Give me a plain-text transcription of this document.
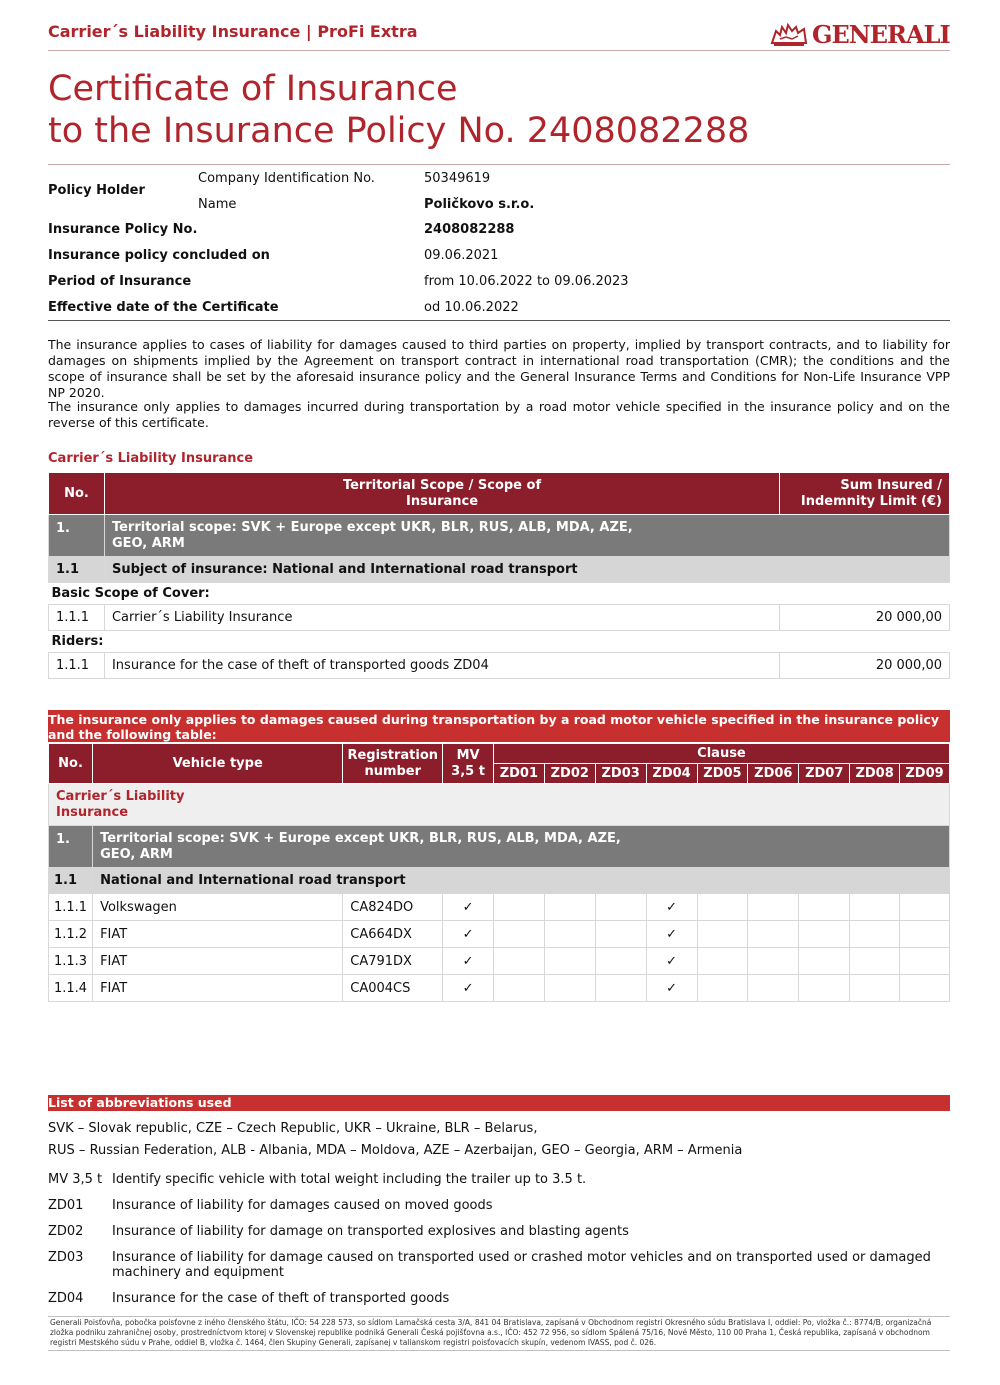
Carrier´s Liability Insurance | ProFi Extra	GENERALI
Certificate of Insurance
to the Insurance Policy No. 2408082288
Policy Holder
Company Identification No.	50349619
Name	Poličkovo s.r.o.
Insurance Policy No.	2408082288
Insurance policy concluded on	09.06.2021
Period of Insurance	from 10.06.2022 to 09.06.2023
Effective date of the Certificate	od 10.06.2022
The insurance applies to cases of liability for damages caused to third parties on property, implied by transport contracts, and to liability for damages on shipments implied by the Agreement on transport contract in international road transportation (CMR); the conditions and the scope of insurance shall be set by the aforesaid insurance policy and the General Insurance Terms and Conditions for Non-Life Insurance VPP NP 2020.
The insurance only applies to damages incurred during transportation by a road motor vehicle specified in the insurance policy and on the reverse of this certificate.
Carrier´s Liability Insurance
No.	Territorial Scope / Scope of Insurance	Sum Insured / Indemnity Limit (€)
1.	Territorial scope: SVK + Europe except UKR, BLR, RUS, ALB, MDA, AZE, GEO, ARM	

1.1	Subject of insurance: National and International road transport	
Basic Scope of Cover:		
1.1.1	Carrier´s Liability Insurance	20 000,00
Riders:		
1.1.1	Insurance for the case of theft of transported goods ZD04	20 000,00
The insurance only applies to damages caused during transportation by a road motor vehicle specified in the insurance policy and the following table:
No.	Vehicle type	Registration number	MV 3,5 t	Clause								
				ZD01	ZD02	ZD03	ZD04	ZD05	ZD06	ZD07	ZD08	ZD09

Carrier´s Liability Insurance												

1.	Territorial scope: SVK + Europe except UKR, BLR, RUS, ALB, MDA, AZE, GEO, ARM											

1.1	National and International road transport											
1.1.1	Volkswagen	CA824DO	✓				✓					
1.1.2	FIAT	CA664DX	✓				✓					
1.1.3	FIAT	CA791DX	✓				✓					
1.1.4	FIAT	CA004CS	✓				✓					
List of abbreviations used
SVK – Slovak republic, CZE – Czech Republic, UKR – Ukraine, BLR – Belarus,
RUS – Russian Federation, ALB - Albania, MDA – Moldova, AZE – Azerbaijan, GEO – Georgia, ARM – Armenia
MV 3,5 t Identify specific vehicle with total weight including the trailer up to 3.5 t.
ZD01 Insurance of liability for damages caused on moved goods
ZD02 Insurance of liability for damage on transported explosives and blasting agents
ZD03 Insurance of liability for damage caused on transported used or crashed motor vehicles and on transported used or damaged machinery and equipment
ZD04 Insurance for the case of theft of transported goods
Generali Poisťovňa, pobočka poisťovne z iného členského štátu, IČO: 54 228 573, so sídlom Lamačská cesta 3/A, 841 04 Bratislava, zapísaná v Obchodnom registri Okresného súdu Bratislava I, oddiel: Po, vložka č.: 8774/B, organizačná zložka podniku zahraničnej osoby, prostredníctvom ktorej v Slovenskej republike podniká Generali Česká pojišťovna a.s., IČO: 452 72 956, so sídlom Spálená 75/16, Nové Město, 110 00 Praha 1, Česká republika, zapísaná v obchodnom registri Mestského súdu v Prahe, oddiel B, vložka č. 1464, člen Skupiny Generali, zapísanej v talianskom registri poisťovacích skupín, vedenom IVASS, pod č. 026.
